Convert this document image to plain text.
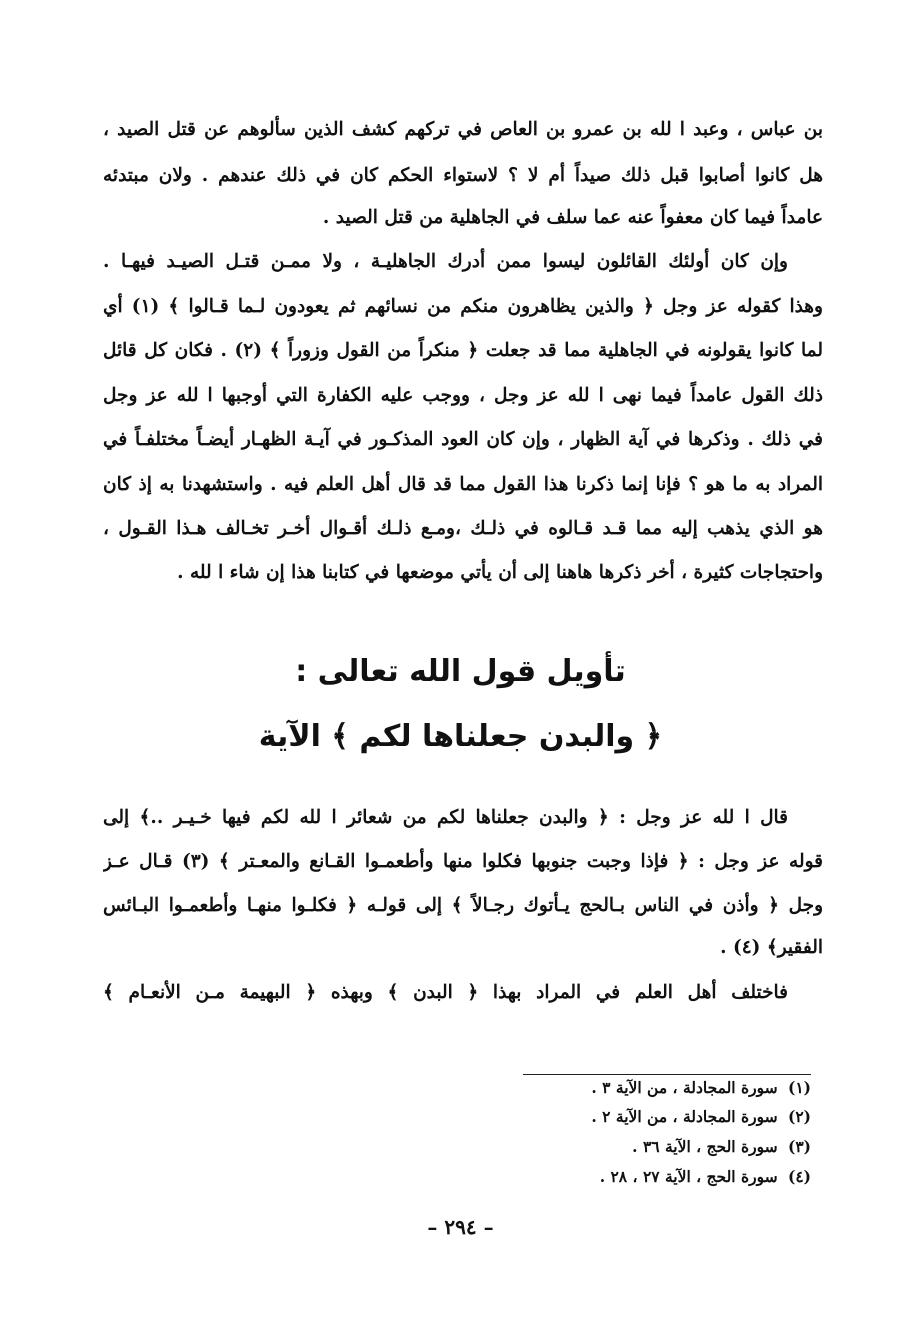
بن عباس ، وعبد ا لله بن عمرو بن العاص في تركهم كشف الذين سألوهم عن قتل الصيد ،
هل كانوا أصابوا قبل ذلك صيداً أم لا ؟ لاستواء الحكم كان في ذلك عندهم . ولان مبتدئه
عامداً فيما كان معفواً عنه عما سلف في الجاهلية من قتل الصيد .
وإن كان أولئك القائلون ليسوا ممن أدرك الجاهليـة ، ولا ممـن قتـل الصيـد فيهـا .
وهذا كقوله عز وجل ﴿ والذين يظاهرون منكم من نسائهم ثم يعودون لـما قـالوا ﴾ (١) أي
لما كانوا يقولونه في الجاهلية مما قد جعلت ﴿ منكراً من القول وزوراً ﴾ (٢) . فكان كل قائل
ذلك القول عامداً فيما نهى ا لله عز وجل ، ووجب عليه الكفارة التي أوجبها ا لله عز وجل
في ذلك . وذكرها في آية الظهار ، وإن كان العود المذكـور في آيـة الظهـار أيضـاً مختلفـاً في
المراد به ما هو ؟ فإنا إنما ذكرنا هذا القول مما قد قال أهل العلم فيه . واستشهدنا به إذ كان
هو الذي يذهب إليه مما قـد قـالوه في ذلـك ،ومـع ذلـك أقـوال أخـر تخـالف هـذا القـول ،
واحتجاجات كثيرة ، أخر ذكرها هاهنا إلى أن يأتي موضعها في كتابنا هذا إن شاء ا لله .
تأويل قول الله تعالى :
﴿ والبدن جعلناها لكم ﴾ الآية
قال ا لله عز وجل : ﴿ والبدن جعلناها لكم من شعائر ا لله لكم فيها خـيـر ..﴾ إلى
قوله عز وجل : ﴿ فإذا وجبت جنوبها فكلوا منها وأطعمـوا القـانع والمعـتر ﴾ (٣) قـال عـز
وجل ﴿ وأذن في الناس بـالحج يـأتوك رجـالاً ﴾ إلى قولـه ﴿ فكلـوا منهـا وأطعمـوا البـائس
الفقير﴾ (٤) .
فاختلف أهل العلم في المراد بهذا ﴿ البدن ﴾ وبهذه ﴿ البهيمة مـن الأنعـام ﴾
(١) سورة المجادلة ، من الآية ٣ .
(٢) سورة المجادلة ، من الآية ٢ .
(٣) سورة الحج ، الآية ٣٦ .
(٤) سورة الحج ، الآية ٢٧ ، ٢٨ .
– ٢٩٤ –
